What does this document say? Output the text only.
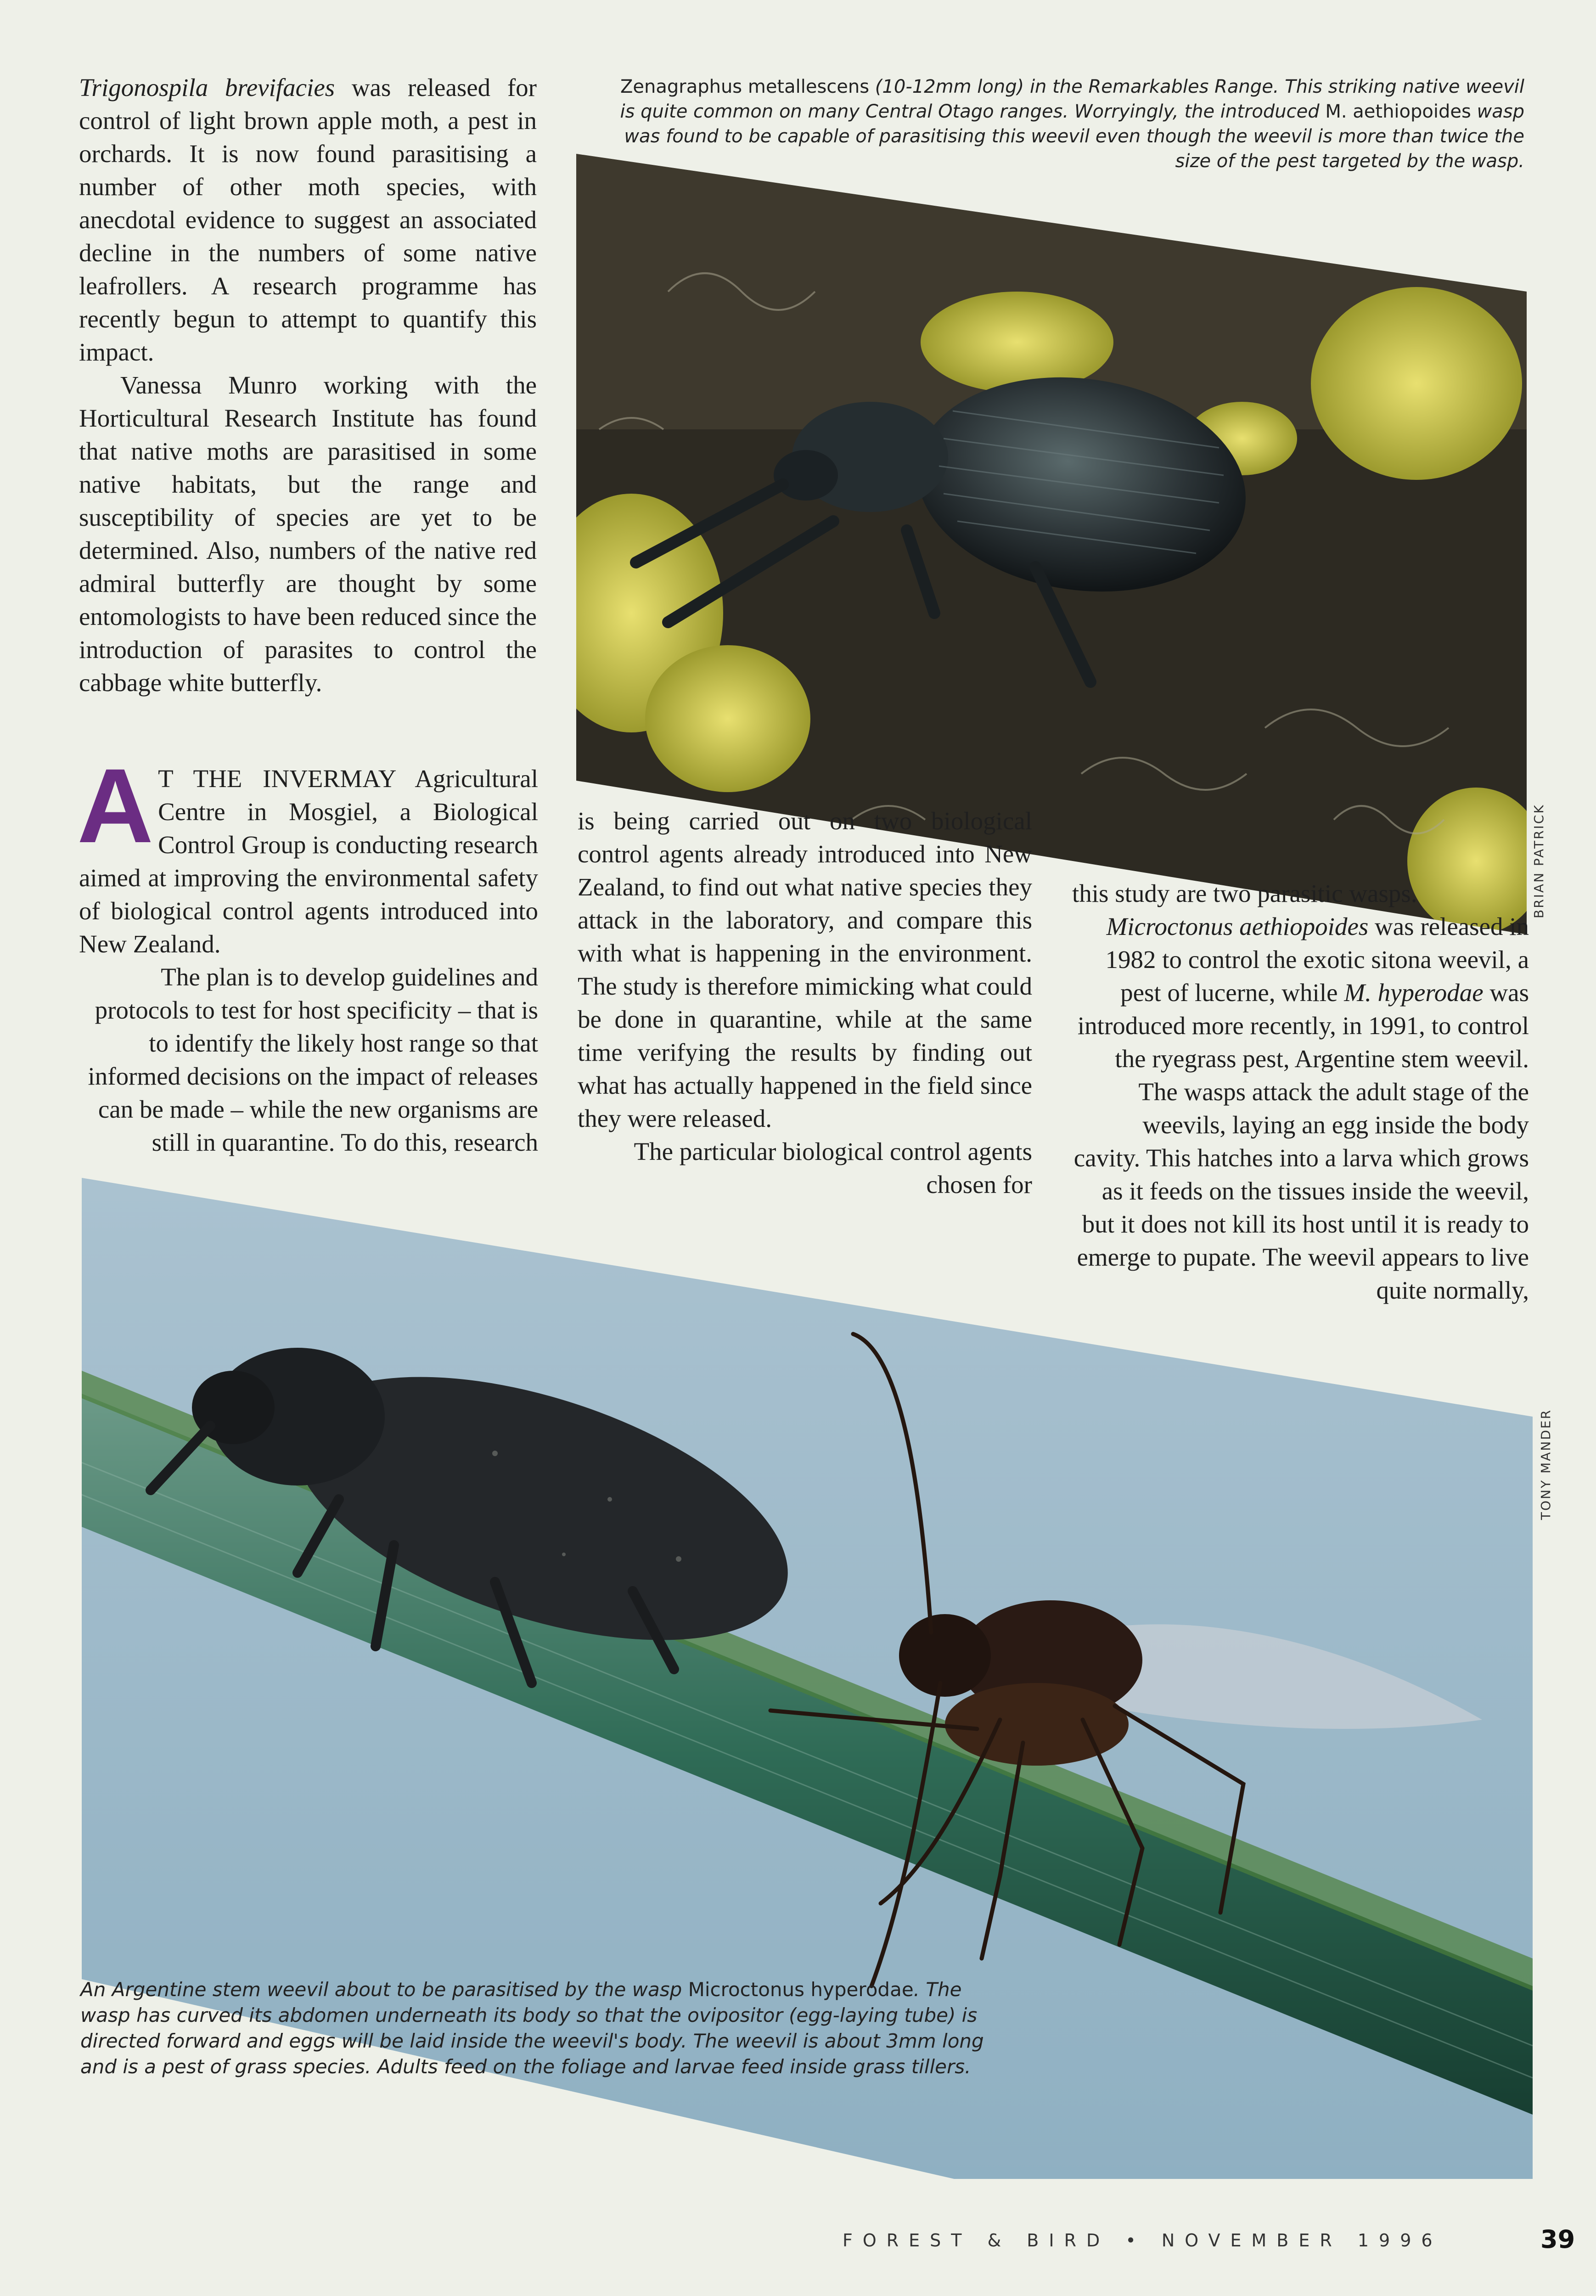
Trigonospila brevifacies was released for control of light brown apple moth, a pest in orchards. It is now found parasitising a number of other moth species, with anecdotal evidence to suggest an associated decline in the numbers of some native leafrollers. A research programme has recently begun to attempt to quantify this impact.

Vanessa Munro working with the Horticultural Research Institute has found that native moths are parasitised in some native habitats, but the range and susceptibility of species are yet to be determined. Also, numbers of the native red admiral butterfly are thought by some entomologists to have been reduced since the introduction of parasites to control the cabbage white butterfly.

Zenagraphus metallescens (10-12mm long) in the Remarkables Range. This striking native weevil is quite common on many Central Otago ranges. Worryingly, the introduced M. aethiopoides wasp was found to be capable of parasitising this weevil even though the weevil is more than twice the size of the pest targeted by the wasp.
BRIAN PATRICK

A T THE INVERMAY Agricultural Centre in Mosgiel, a Biological Control Group is conducting research aimed at improving the environmental safety of biological control agents introduced into New Zealand.

The plan is to develop guidelines and protocols to test for host specificity – that is to identify the likely host range so that informed decisions on the impact of releases can be made – while the new organisms are still in quarantine. To do this, research

is being carried out on two biological control agents already introduced into New Zealand, to find out what native species they attack in the laboratory, and compare this with what is happening in the environment. The study is therefore mimicking what could be done in quarantine, while at the same time verifying the results by finding out what has actually happened in the field since they were released.

The particular biological control agents chosen for

this study are two parasitic wasps.

Microctonus aethiopoides was released in 1982 to control the exotic sitona weevil, a pest of lucerne, while M. hyperodae was introduced more recently, in 1991, to control the ryegrass pest, Argentine stem weevil. The wasps attack the adult stage of the weevils, laying an egg inside the body cavity. This hatches into a larva which grows as it feeds on the tissues inside the weevil, but it does not kill its host until it is ready to emerge to pupate. The weevil appears to live quite normally,

TONY MANDER
An Argentine stem weevil about to be parasitised by the wasp Microctonus hyperodae. The wasp has curved its abdomen underneath its body so that the ovipositor (egg-laying tube) is directed forward and eggs will be laid inside the weevil's body. The weevil is about 3mm long and is a pest of grass species. Adults feed on the foliage and larvae feed inside grass tillers.
FOREST & BIRD • NOVEMBER 1996	39
